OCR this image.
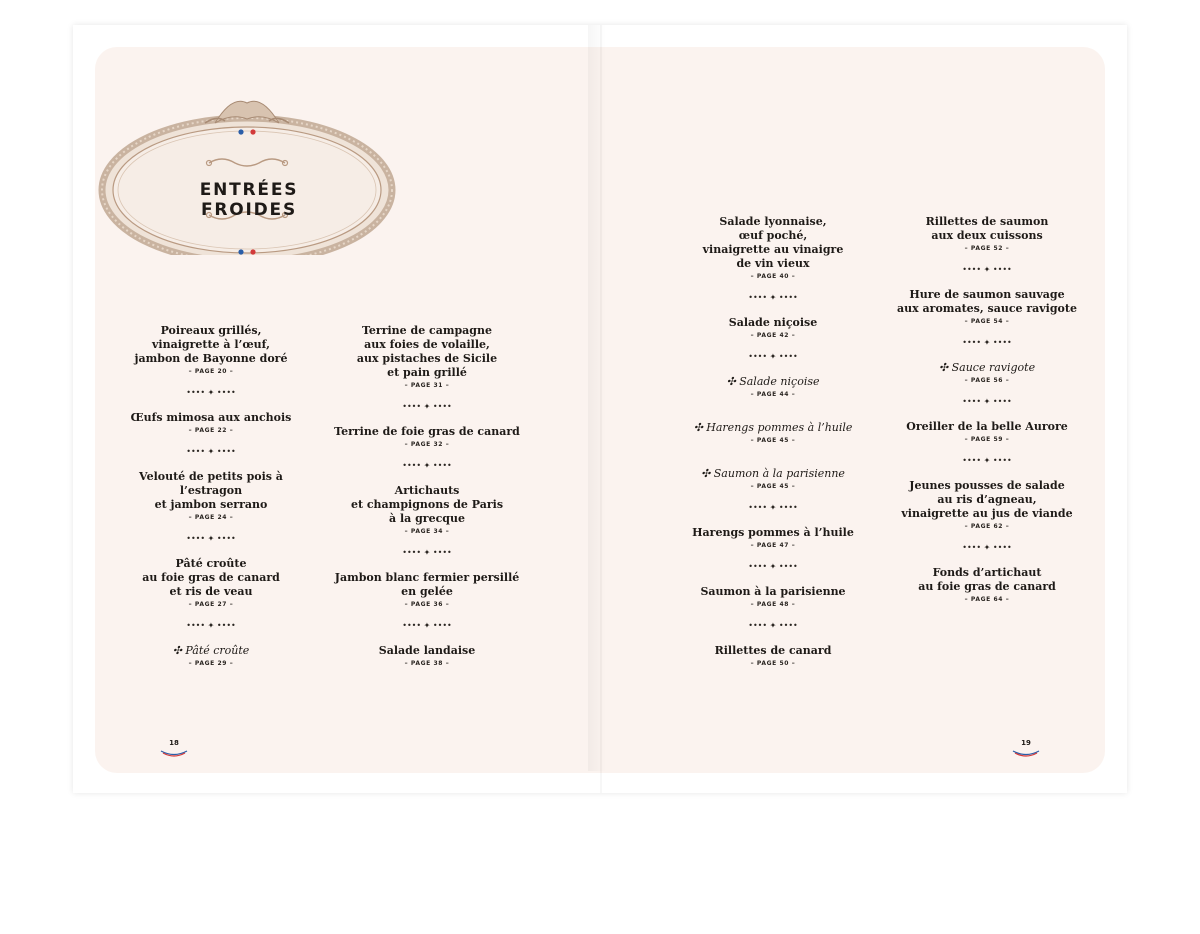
ENTRÉES FROIDES
Poireaux grillés,
vinaigrette à l’œuf,
jambon de Bayonne doré
– PAGE 20 –
•••• ✦ ••••
Œufs mimosa aux anchois
– PAGE 22 –
•••• ✦ ••••
Velouté de petits pois à l’estragon
et jambon serrano
– PAGE 24 –
•••• ✦ ••••
Pâté croûte
au foie gras de canard
et ris de veau
– PAGE 27 –
•••• ✦ ••••
✣ Pâté croûte
– PAGE 29 –
Terrine de campagne
aux foies de volaille,
aux pistaches de Sicile
et pain grillé
– PAGE 31 –
•••• ✦ ••••
Terrine de foie gras de canard
– PAGE 32 –
•••• ✦ ••••
Artichauts
et champignons de Paris
à la grecque
– PAGE 34 –
•••• ✦ ••••
Jambon blanc fermier persillé
en gelée
– PAGE 36 –
•••• ✦ ••••
Salade landaise
– PAGE 38 –
Salade lyonnaise,
œuf poché,
vinaigrette au vinaigre
de vin vieux
– PAGE 40 –
•••• ✦ ••••
Salade niçoise
– PAGE 42 –
•••• ✦ ••••
✣ Salade niçoise
– PAGE 44 –
✣ Harengs pommes à l’huile
– PAGE 45 –
✣ Saumon à la parisienne
– PAGE 45 –
•••• ✦ ••••
Harengs pommes à l’huile
– PAGE 47 –
•••• ✦ ••••
Saumon à la parisienne
– PAGE 48 –
•••• ✦ ••••
Rillettes de canard
– PAGE 50 –
Rillettes de saumon
aux deux cuissons
– PAGE 52 –
•••• ✦ ••••
Hure de saumon sauvage
aux aromates, sauce ravigote
– PAGE 54 –
•••• ✦ ••••
✣ Sauce ravigote
– PAGE 56 –
•••• ✦ ••••
Oreiller de la belle Aurore
– PAGE 59 –
•••• ✦ ••••
Jeunes pousses de salade
au ris d’agneau,
vinaigrette au jus de viande
– PAGE 62 –
•••• ✦ ••••
Fonds d’artichaut
au foie gras de canard
– PAGE 64 –
18	19
